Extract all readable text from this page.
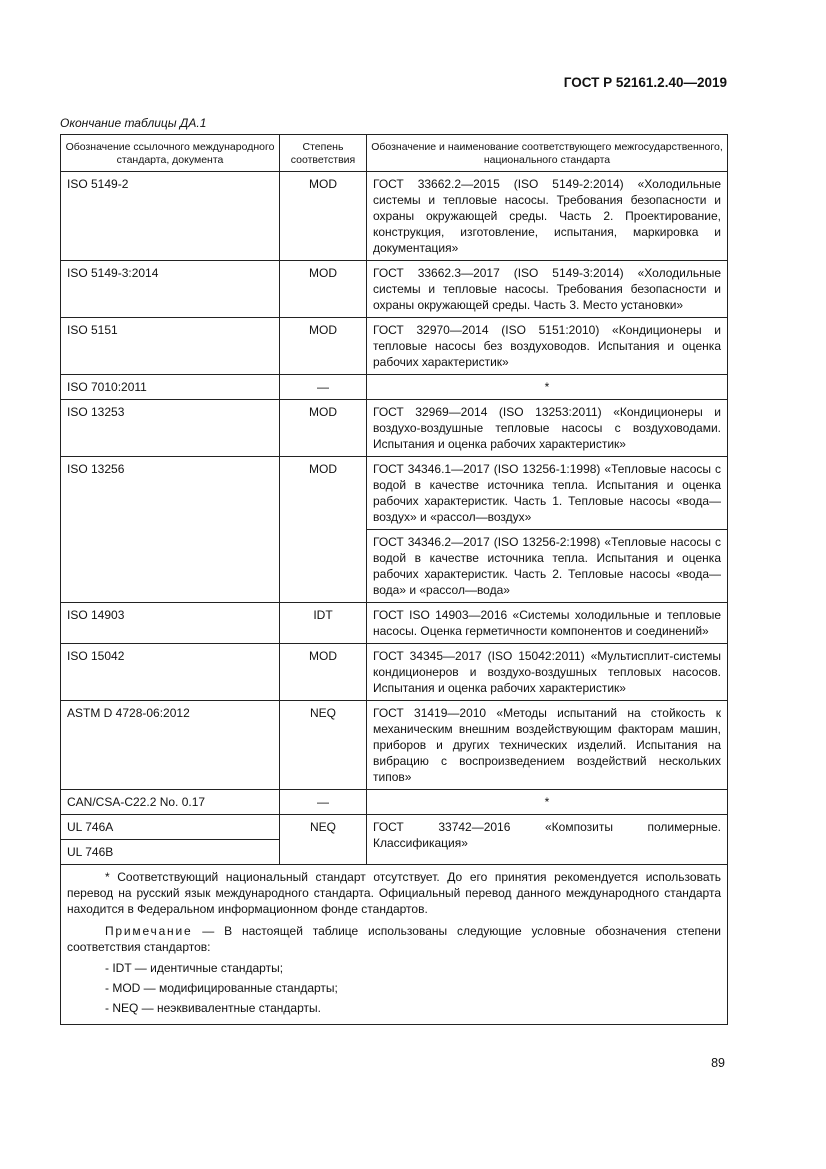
ГОСТ Р 52161.2.40—2019
Окончание таблицы ДА.1
Обозначение ссылочного международного стандарта, документа	Степень соответствия	Обозначение и наименование соответствующего межгосударственного, национального стандарта
ISO 5149-2	MOD	ГОСТ 33662.2—2015 (ISO 5149-2:2014) «Холодильные системы и тепловые насосы. Требования безопасности и охраны окружающей среды. Часть 2. Проектирование, конструкция, изготовление, испытания, маркировка и документация»
ISO 5149-3:2014	MOD	ГОСТ 33662.3—2017 (ISO 5149-3:2014) «Холодильные системы и тепловые насосы. Требования безопасности и охраны окружающей среды. Часть 3. Место установки»
ISO 5151	MOD	ГОСТ 32970—2014 (ISO 5151:2010) «Кондиционеры и тепловые насосы без воздуховодов. Испытания и оценка рабочих характеристик»
ISO 7010:2011	—	*
ISO 13253	MOD	ГОСТ 32969—2014 (ISO 13253:2011) «Кондиционеры и воздухо-воздушные тепловые насосы с воздуховодами. Испытания и оценка рабочих характеристик»
ISO 13256	MOD	ГОСТ 34346.1—2017 (ISO 13256-1:1998) «Тепловые насосы с водой в качестве источника тепла. Испытания и оценка рабочих характеристик. Часть 1. Тепловые насосы «вода—воздух» и «рассол—воздух»
		ГОСТ 34346.2—2017 (ISO 13256-2:1998) «Тепловые насосы с водой в качестве источника тепла. Испытания и оценка рабочих характеристик. Часть 2. Тепловые насосы «вода—вода» и «рассол—вода»
ISO 14903	IDT	ГОСТ ISO 14903—2016 «Системы холодильные и тепловые насосы. Оценка герметичности компонентов и соединений»
ISO 15042	MOD	ГОСТ 34345—2017 (ISO 15042:2011) «Мультисплит-системы кондиционеров и воздухо-воздушных тепловых насосов. Испытания и оценка рабочих характеристик»
ASTM D 4728-06:2012	NEQ	ГОСТ 31419—2010 «Методы испытаний на стойкость к механическим внешним воздействующим факторам машин, приборов и других технических изделий. Испытания на вибрацию с воспроизведением воздействий нескольких типов»
CAN/CSA-C22.2 No. 0.17	—	*
UL 746A	NEQ	ГОСТ 33742—2016 «Композиты полимерные. Классификация»
UL 746B		

* Соответствующий национальный стандарт отсутствует. До его принятия рекомендуется использовать перевод на русский язык международного стандарта. Официальный перевод данного международного стандарта находится в Федеральном информационном фонде стандартов.

Примечание — В настоящей таблице использованы следующие условные обозначения степени соответствия стандартов:

- IDT — идентичные стандарты;
- MOD — модифицированные стандарты;
- NEQ — неэквивалентные стандарты.		
89
